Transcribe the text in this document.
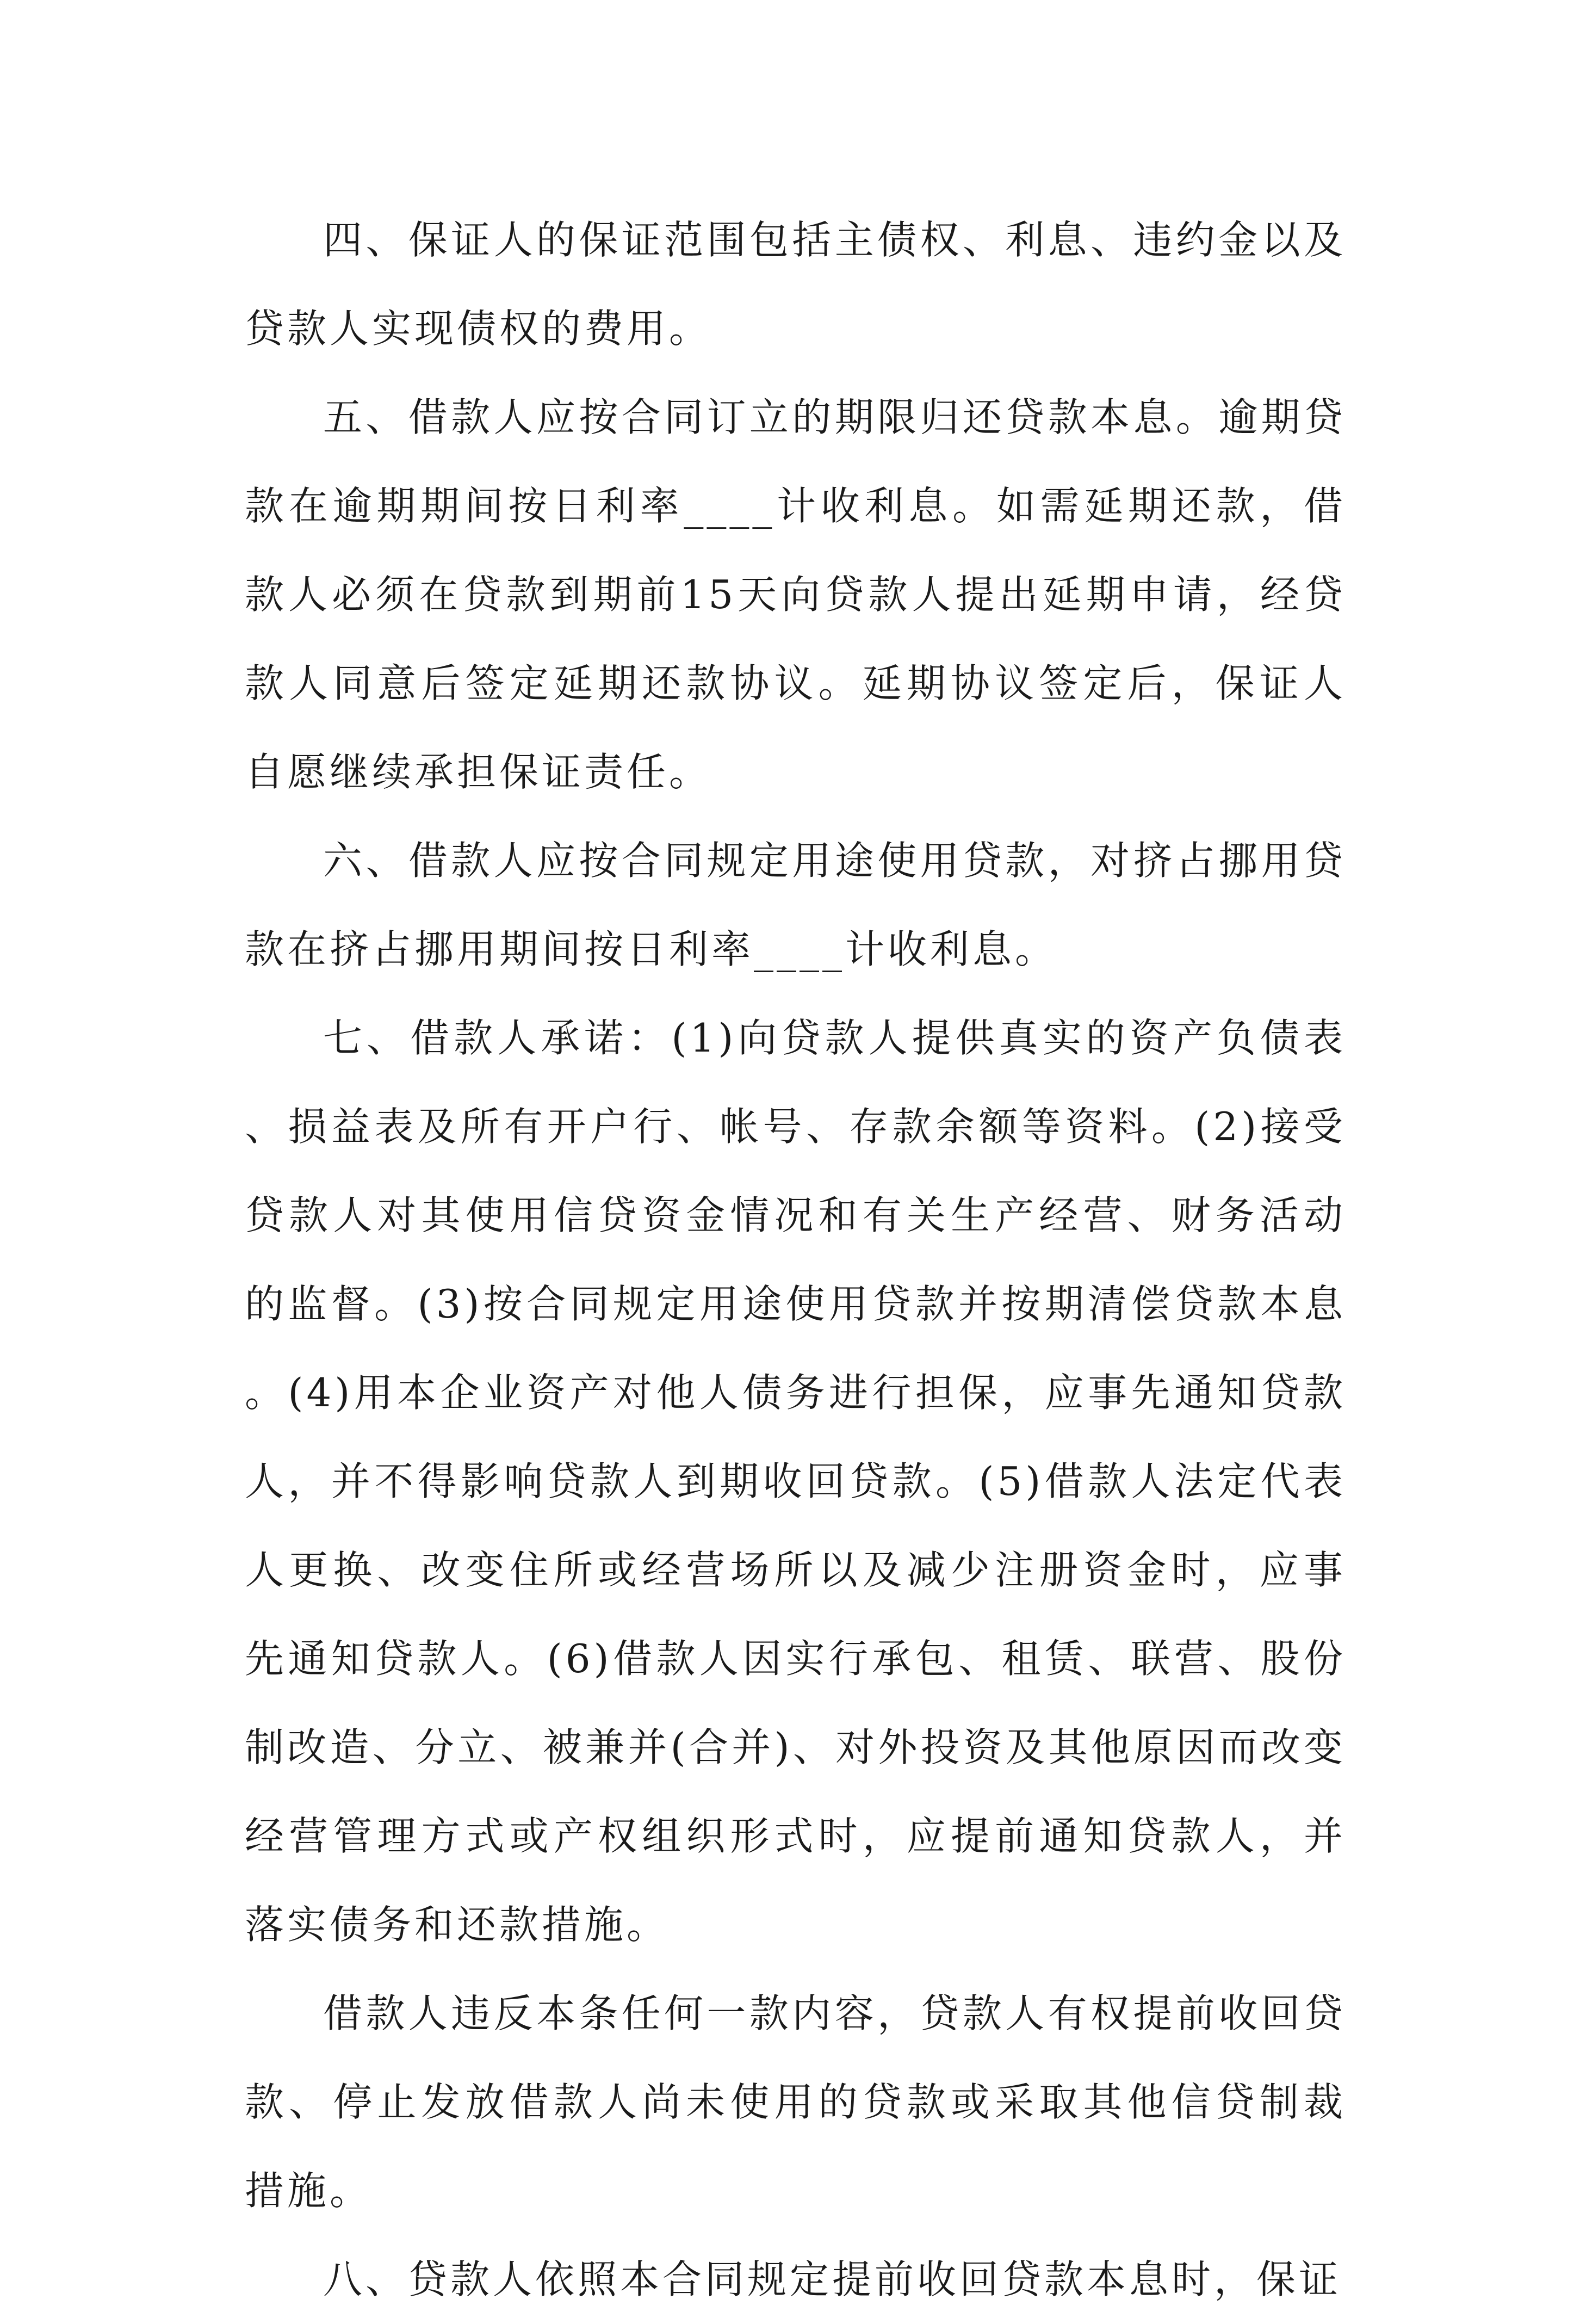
四、保证人的保证范围包括主债权、利息、违约金以及贷款人实现债权的费用。

五、借款人应按合同订立的期限归还贷款本息。逾期贷款在逾期期间按日利率____计收利息。如需延期还款，借款人必须在贷款到期前15天向贷款人提出延期申请，经贷款人同意后签定延期还款协议。延期协议签定后，保证人自愿继续承担保证责任。

六、借款人应按合同规定用途使用贷款，对挤占挪用贷款在挤占挪用期间按日利率____计收利息。

七、借款人承诺：(1)向贷款人提供真实的资产负债表、损益表及所有开户行、帐号、存款余额等资料。(2)接受贷款人对其使用信贷资金情况和有关生产经营、财务活动的监督。(3)按合同规定用途使用贷款并按期清偿贷款本息。(4)用本企业资产对他人债务进行担保，应事先通知贷款人，并不得影响贷款人到期收回贷款。(5)借款人法定代表人更换、改变住所或经营场所以及减少注册资金时，应事先通知贷款人。(6)借款人因实行承包、租赁、联营、股份制改造、分立、被兼并(合并)、对外投资及其他原因而改变经营管理方式或产权组织形式时，应提前通知贷款人，并落实债务和还款措施。

借款人违反本条任何一款内容，贷款人有权提前收回贷款、停止发放借款人尚未使用的贷款或采取其他信贷制裁措施。

八、贷款人依照本合同规定提前收回贷款本息时，保证
